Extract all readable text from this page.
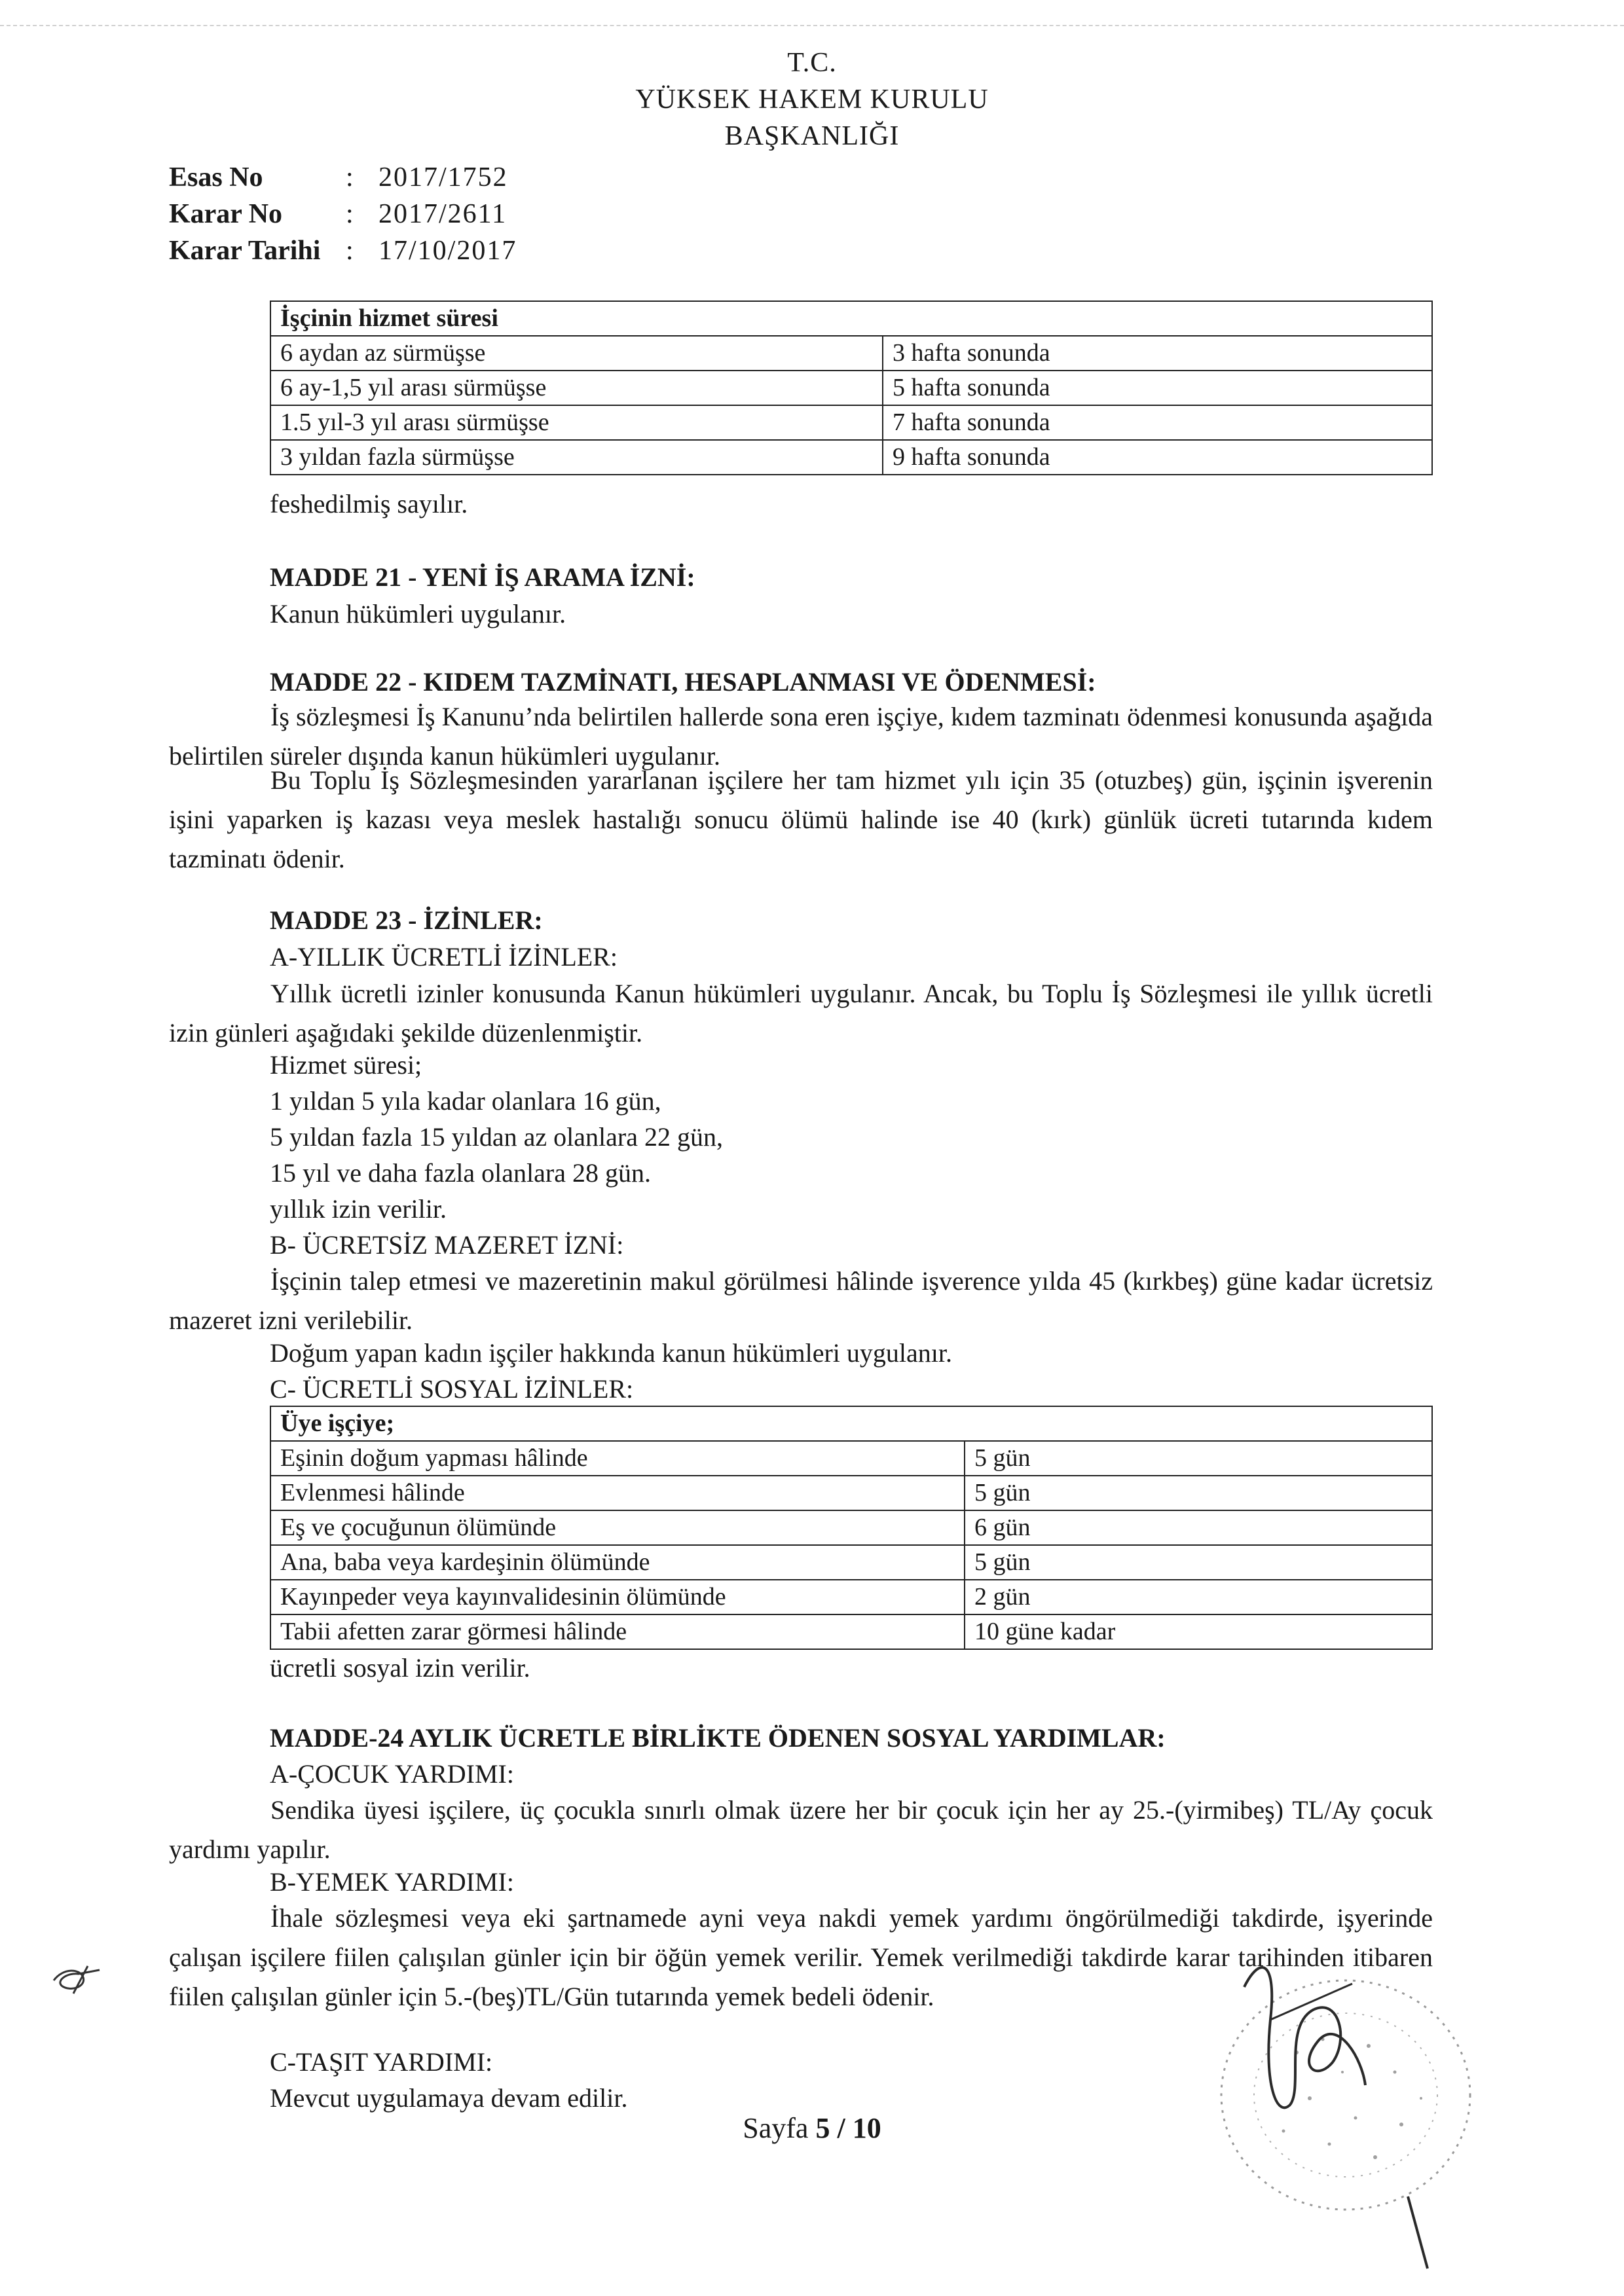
T.C.
YÜKSEK HAKEM KURULU
BAŞKANLIĞI
Esas No	: 2017/1752
Karar No : 2017/2611
Karar Tarihi : 17/10/2017
İşçinin hizmet süresi	
6 aydan az sürmüşse	3 hafta sonunda
6 ay-1,5 yıl arası sürmüşse	5 hafta sonunda
1.5 yıl-3 yıl arası sürmüşse	7 hafta sonunda
3 yıldan fazla sürmüşse	9 hafta sonunda
feshedilmiş sayılır.
MADDE 21 - YENİ İŞ ARAMA İZNİ:
Kanun hükümleri uygulanır.
MADDE 22 - KIDEM TAZMİNATI, HESAPLANMASI VE ÖDENMESİ:
İş sözleşmesi İş Kanunu’nda belirtilen hallerde sona eren işçiye, kıdem tazminatı ödenmesi konusunda aşağıda belirtilen süreler dışında kanun hükümleri uygulanır.
Bu Toplu İş Sözleşmesinden yararlanan işçilere her tam hizmet yılı için 35 (otuzbeş) gün, işçinin işverenin işini yaparken iş kazası veya meslek hastalığı sonucu ölümü halinde ise 40 (kırk) günlük ücreti tutarında kıdem tazminatı ödenir.
MADDE 23 - İZİNLER:
A-YILLIK ÜCRETLİ İZİNLER:
Yıllık ücretli izinler konusunda Kanun hükümleri uygulanır. Ancak, bu Toplu İş Sözleşmesi ile yıllık ücretli izin günleri aşağıdaki şekilde düzenlenmiştir.
Hizmet süresi;
1 yıldan 5 yıla kadar olanlara 16 gün,
5 yıldan fazla 15 yıldan az olanlara 22 gün,
15 yıl ve daha fazla olanlara 28 gün.
yıllık izin verilir.
B- ÜCRETSİZ MAZERET İZNİ:
İşçinin talep etmesi ve mazeretinin makul görülmesi hâlinde işverence yılda 45 (kırkbeş) güne kadar ücretsiz mazeret izni verilebilir.
Doğum yapan kadın işçiler hakkında kanun hükümleri uygulanır.
C- ÜCRETLİ SOSYAL İZİNLER:
Üye işçiye;	
Eşinin doğum yapması hâlinde	5 gün
Evlenmesi hâlinde	5 gün
Eş ve çocuğunun ölümünde	6 gün
Ana, baba veya kardeşinin ölümünde	5 gün
Kayınpeder veya kayınvalidesinin ölümünde	2 gün
Tabii afetten zarar görmesi hâlinde	10 güne kadar
ücretli sosyal izin verilir.
MADDE-24 AYLIK ÜCRETLE BİRLİKTE ÖDENEN SOSYAL YARDIMLAR:
A-ÇOCUK YARDIMI:
Sendika üyesi işçilere, üç çocukla sınırlı olmak üzere her bir çocuk için her ay 25.-(yirmibeş) TL/Ay çocuk yardımı yapılır.
B-YEMEK YARDIMI:
İhale sözleşmesi veya eki şartnamede ayni veya nakdi yemek yardımı öngörülmediği takdirde, işyerinde çalışan işçilere fiilen çalışılan günler için bir öğün yemek verilir. Yemek verilmediği takdirde karar tarihinden itibaren fiilen çalışılan günler için 5.-(beş)TL/Gün tutarında yemek bedeli ödenir.
C-TAŞIT YARDIMI:
Mevcut uygulamaya devam edilir.
Sayfa 5 / 10
